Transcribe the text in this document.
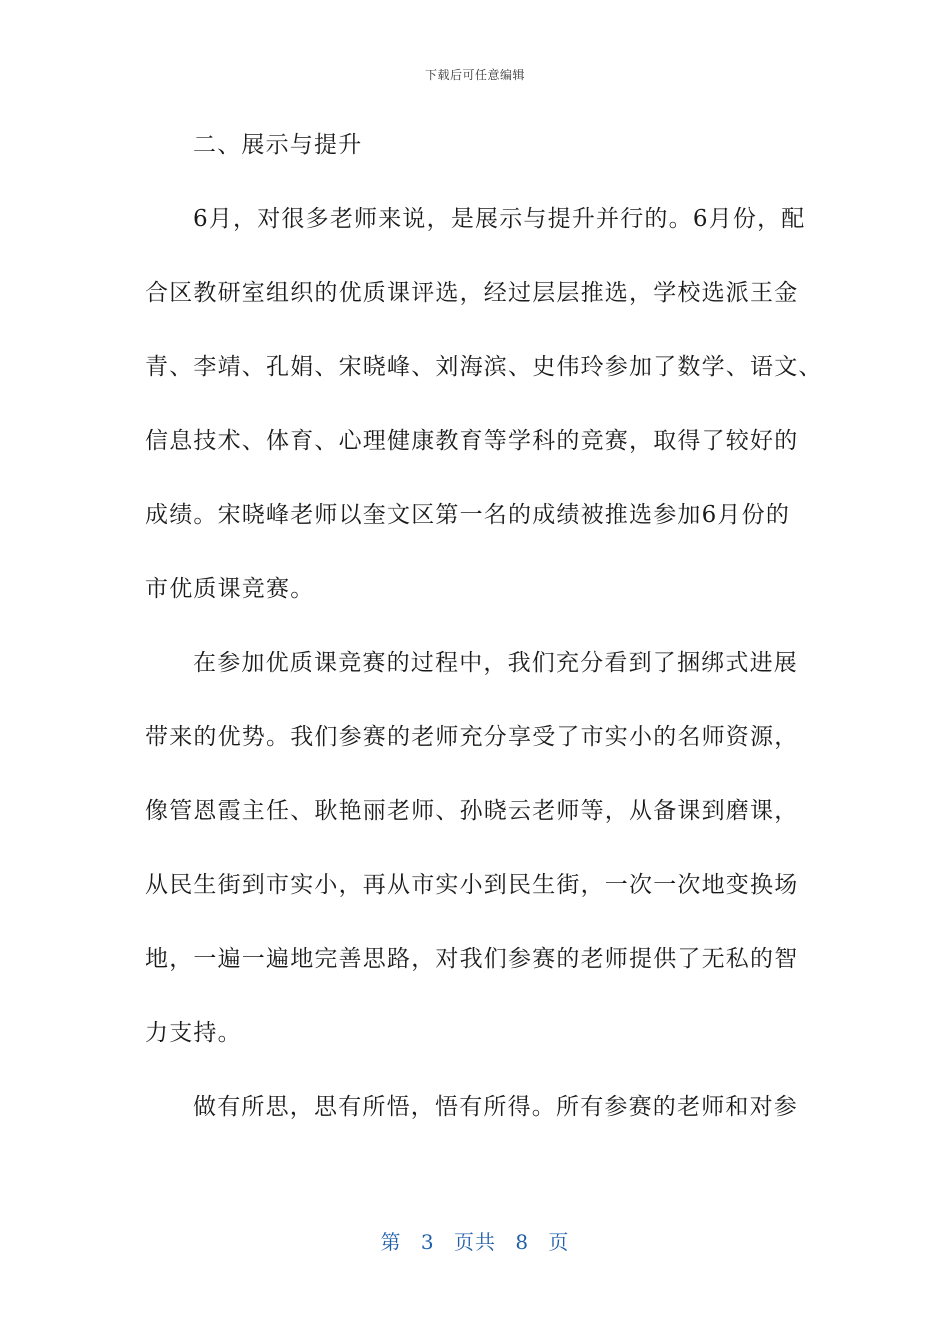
下载后可任意编辑
二、展示与提升
6月，对很多老师来说，是展示与提升并行的。6月份，配
合区教研室组织的优质课评选，经过层层推选，学校选派王金
青、李靖、孔娟、宋晓峰、刘海滨、史伟玲参加了数学、语文、
信息技术、体育、心理健康教育等学科的竞赛，取得了较好的
成绩。宋晓峰老师以奎文区第一名的成绩被推选参加6月份的
市优质课竞赛。
在参加优质课竞赛的过程中，我们充分看到了捆绑式进展
带来的优势。我们参赛的老师充分享受了市实小的名师资源，
像管恩霞主任、耿艳丽老师、孙晓云老师等，从备课到磨课，
从民生街到市实小，再从市实小到民生街，一次一次地变换场
地，一遍一遍地完善思路，对我们参赛的老师提供了无私的智
力支持。
做有所思，思有所悟，悟有所得。所有参赛的老师和对参
第 3 页共 8 页
